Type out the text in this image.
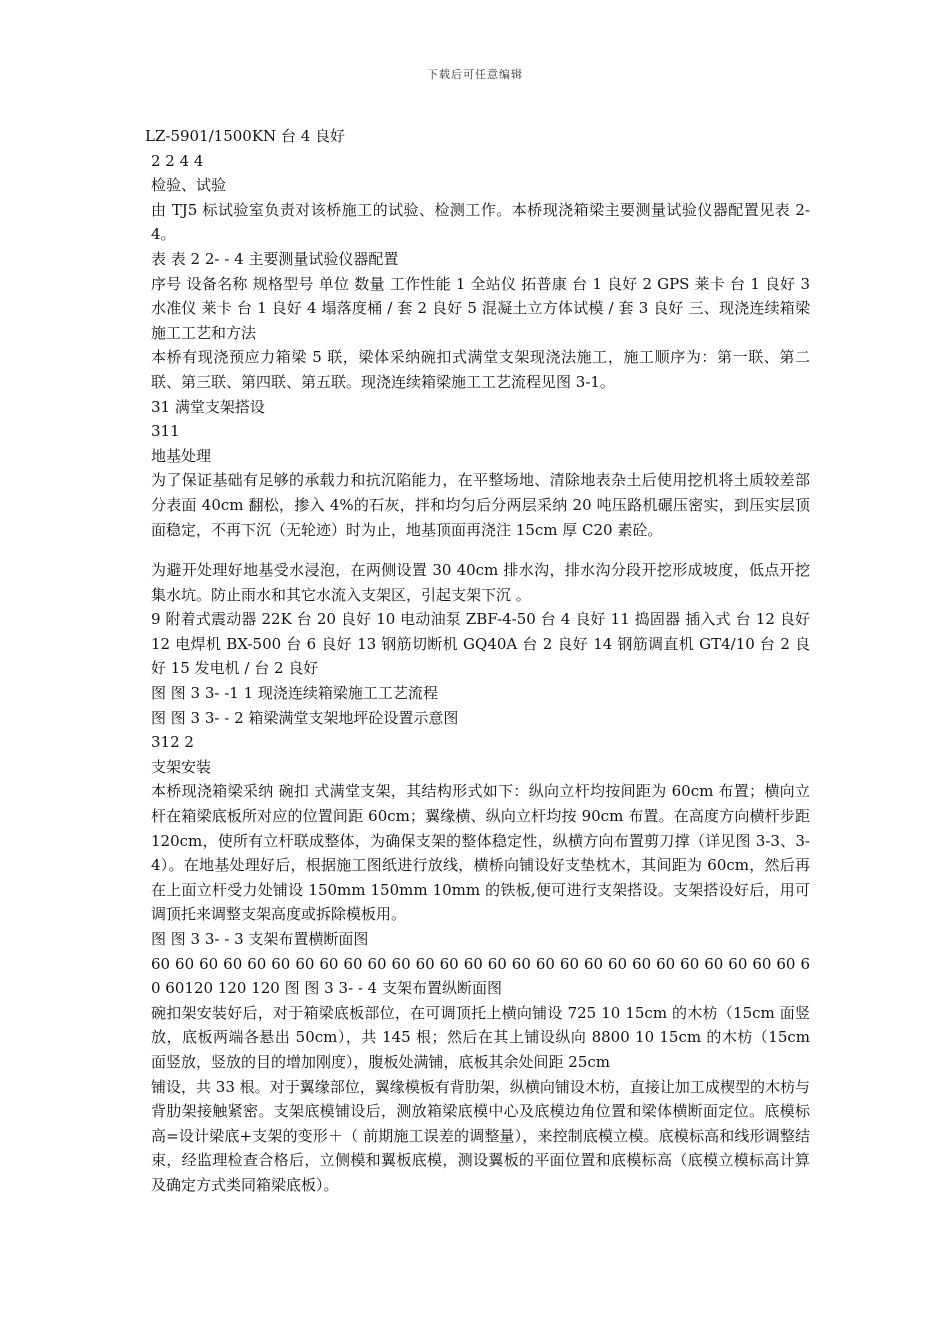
下载后可任意编辑

LZ-5901/1500KN 台 4 良好

2 2 4 4

检验、试验

由 TJ5 标试验室负责对该桥施工的试验、检测工作。本桥现浇箱梁主要测量试验仪器配置见表 2-4。

表 表 2 2- - 4 主要测量试验仪器配置

序号 设备名称 规格型号 单位 数量 工作性能 1 全站仪 拓普康 台 1 良好 2 GPS 莱卡 台 1 良好 3 水准仪 莱卡 台 1 良好 4 塌落度桶 / 套 2 良好 5 混凝土立方体试模 / 套 3 良好 三、现浇连续箱梁施工工艺和方法

本桥有现浇预应力箱梁 5 联，梁体采纳碗扣式满堂支架现浇法施工，施工顺序为：第一联、第二联、第三联、第四联、第五联。现浇连续箱梁施工工艺流程见图 3-1。

31 满堂支架搭设

311

地基处理

为了保证基础有足够的承载力和抗沉陷能力，在平整场地、清除地表杂土后使用挖机将土质较差部分表面 40cm 翻松，掺入 4%的石灰，拌和均匀后分两层采纳 20 吨压路机碾压密实，到压实层顶面稳定，不再下沉（无轮迹）时为止，地基顶面再浇注 15cm 厚 C20 素砼。

为避开处理好地基受水浸泡，在两侧设置 30 40cm 排水沟，排水沟分段开挖形成坡度，低点开挖集水坑。防止雨水和其它水流入支架区，引起支架下沉 。

9 附着式震动器 22K 台 20 良好 10 电动油泵 ZBF-4-50 台 4 良好 11 捣固器 插入式 台 12 良好 12 电焊机 BX-500 台 6 良好 13 钢筋切断机 GQ40A 台 2 良好 14 钢筋调直机 GT4/10 台 2 良好 15 发电机 / 台 2 良好

图 图 3 3- -1 1 现浇连续箱梁施工工艺流程

图 图 3 3- - 2 箱梁满堂支架地坪砼设置示意图

312 2

支架安装

本桥现浇箱梁采纳 碗扣 式满堂支架，其结构形式如下：纵向立杆均按间距为 60cm 布置；横向立杆在箱梁底板所对应的位置间距 60cm；翼缘横、纵向立杆均按 90cm 布置。在高度方向横杆步距 120cm，使所有立杆联成整体，为确保支架的整体稳定性，纵横方向布置剪刀撑（详见图 3-3、3-4）。在地基处理好后，根据施工图纸进行放线，横桥向铺设好支垫枕木，其间距为 60cm，然后再在上面立杆受力处铺设 150mm 150mm 10mm 的铁板,便可进行支架搭设。支架搭设好后，用可调顶托来调整支架高度或拆除模板用。

图 图 3 3- - 3 支架布置横断面图

60 60 60 60 60 60 60 60 60 60 60 60 60 60 60 60 60 60 60 60 60 60 60 60 60 60 60 60 60120 120 120 图 图 3 3- - 4 支架布置纵断面图

碗扣架安装好后，对于箱梁底板部位，在可调顶托上横向铺设 725 10 15cm 的木枋（15cm 面竖放，底板两端各悬出 50cm），共 145 根；然后在其上铺设纵向 8800 10 15cm 的木枋（15cm 面竖放，竖放的目的增加刚度），腹板处满铺，底板其余处间距 25cm

铺设，共 33 根。对于翼缘部位，翼缘模板有背肋架，纵横向铺设木枋，直接让加工成楔型的木枋与背肋架接触紧密。支架底模铺设后，测放箱梁底模中心及底模边角位置和梁体横断面定位。底模标高=设计梁底+支架的变形＋（ 前期施工误差的调整量），来控制底模立模。底模标高和线形调整结束，经监理检查合格后，立侧模和翼板底模，测设翼板的平面位置和底模标高（底模立模标高计算及确定方式类同箱梁底板）。
